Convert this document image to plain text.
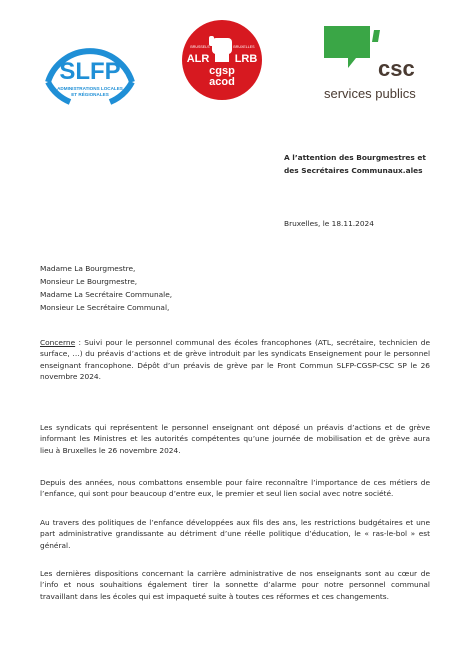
SLFP
ADMINISTRATIONS LOCALES
ET RÉGIONALES
BRUSSELS	BRUXELLES
ALR LRB
cgsp
acod
csc
services publics
A l’attention des Bourgmestres et
des Secrétaires Communaux.ales
Bruxelles, le 18.11.2024
Madame La Bourgmestre,
Monsieur Le Bourgmestre,
Madame La Secrétaire Communale,
Monsieur Le Secrétaire Communal,
Concerne : Suivi pour le personnel communal des écoles francophones (ATL, secrétaire, technicien de surface, …) du préavis d’actions et de grève introduit par les syndicats Enseignement pour le personnel enseignant francophone. Dépôt d’un préavis de grève par le Front Commun SLFP-CGSP-CSC SP le 26 novembre 2024.
Les syndicats qui représentent le personnel enseignant ont déposé un préavis d’actions et de grève informant les Ministres et les autorités compétentes qu’une journée de mobilisation et de grève aura lieu à Bruxelles le 26 novembre 2024.
Depuis des années, nous combattons ensemble pour faire reconnaître l’importance de ces métiers de l’enfance, qui sont pour beaucoup d’entre eux, le premier et seul lien social avec notre société.
Au travers des politiques de l’enfance développées aux fils des ans, les restrictions budgétaires et une part administrative grandissante au détriment d’une réelle politique d’éducation, le « ras-le-bol » est général.
Les dernières dispositions concernant la carrière administrative de nos enseignants sont au cœur de l’info et nous souhaitions également tirer la sonnette d’alarme pour notre personnel communal travaillant dans les écoles qui est impaqueté suite à toutes ces réformes et ces changements.
